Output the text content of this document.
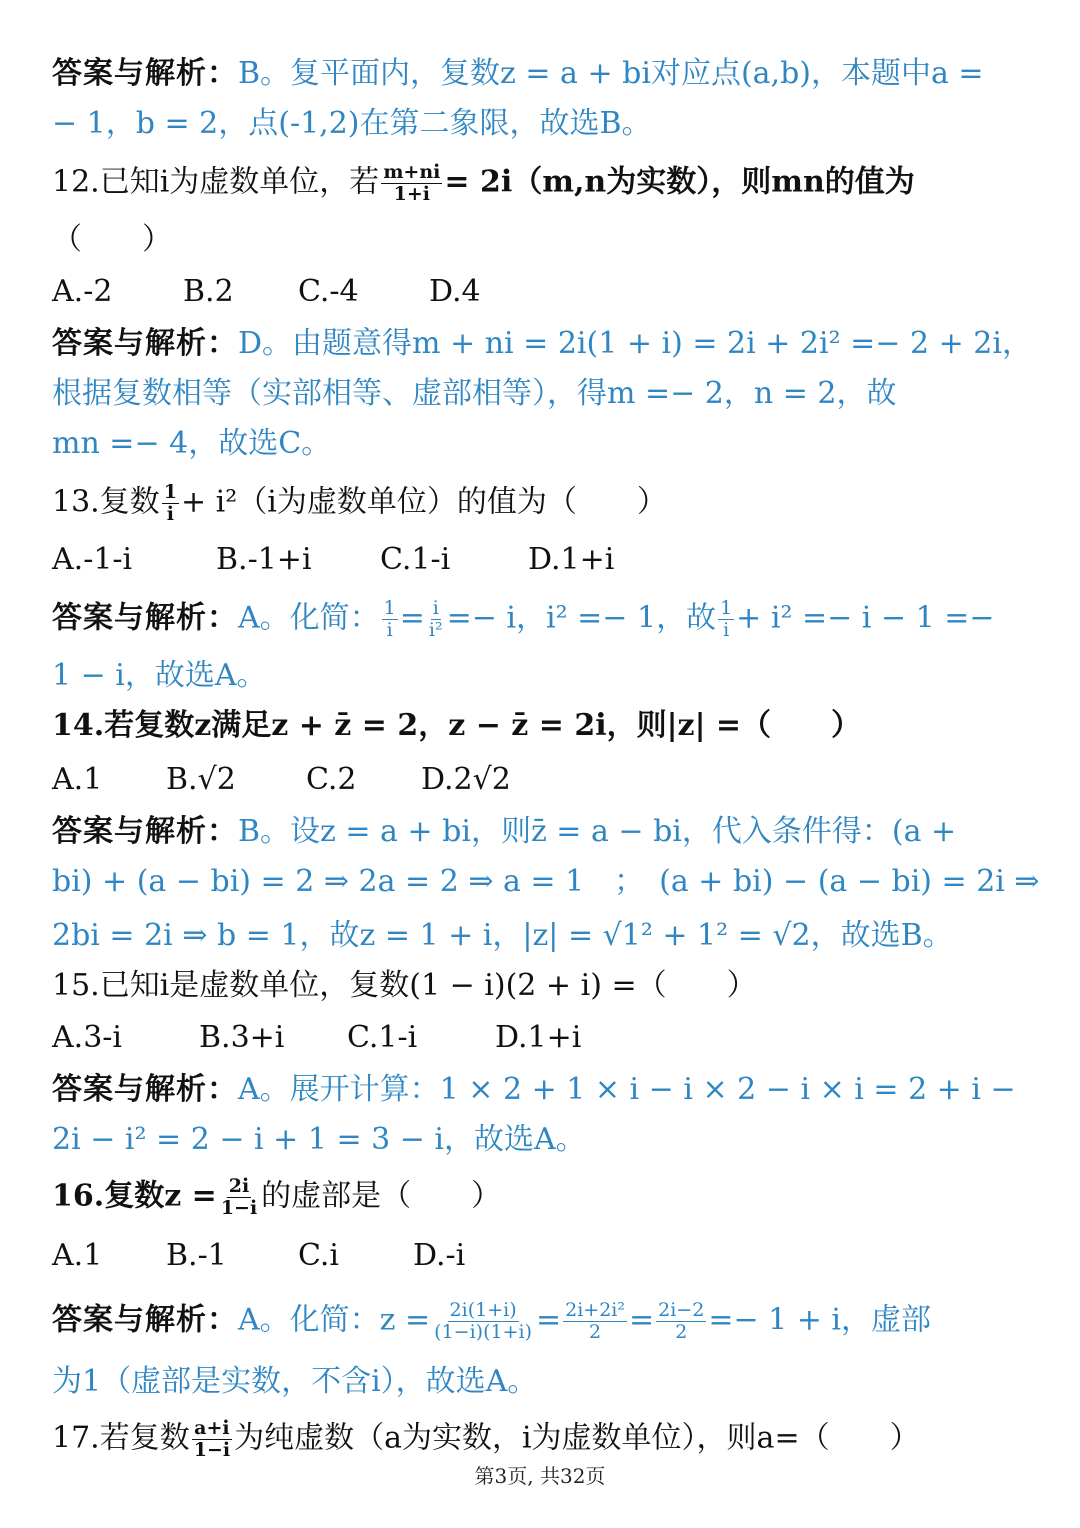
答案与解析：B。复平面内，复数z = a + bi对应点(a,b)，本题中a =
− 1，b = 2，点(-1,2)在第二象限，故选B。
12.已知i为虚数单位，若 $\frac{m+ni}{1+i} = 2i(m,n$为实数），则mn的值为
（　　）
A.-2 B.2 C.-4 D.4
答案与解析：D。由题意得m + ni = 2i(1 + i) = 2i + 2i² =− 2 + 2i，
根据复数相等（实部相等、虚部相等），得m =− 2，n = 2，故
mn =− 4，故选C。
13.复数 $\frac{1}{i} + i^2(i$为虚数单位）的值为（　　）
A.-1-i	B.-1+i C.1-i	D.1+i
答案与解析：A。化简： $\frac{1}{i} = \frac{i}{\text{i²}} =- i$，i² =− 1，故 $\frac{1}{i} + i^2 =- i - 1$ =−
1 − i，故选A。
14.若复数z满足z + z̄ = 2，z − z̄ = 2i，则|z| =（　　）
A.1 B.√2 C.2 D.2√2
答案与解析：B。设z = a + bi，则z̄ = a − bi，代入条件得：(a +
bi) + (a − bi) = 2 ⇒ 2a = 2 ⇒ a = 1　；　(a + bi) − (a − bi) = 2i ⇒
2bi = 2i ⇒ b = 1，故z = 1 + i，|z| = √1² + 1² = √2，故选B。
15.已知i是虚数单位，复数(1 − i)(2 + i) =（　　）
A.3-i	B.3+i C.1-i	D.1+i
答案与解析：A。展开计算：1 × 2 + 1 × i − i × 2 − i × i = 2 + i −
2i − i² = 2 − i + 1 = 3 − i，故选A。
16.复数$z = \frac{2i}{1-i}$ 的虚部是（　　）
A.1 B.-1 C.i D.-i
答案与解析：A。化简：$z = \frac{2i(1+i)}{(1-i)(1+i)} = \frac{\text{2i+2i²}}{2} = \frac{2i-2}{2} =- 1 + i$，虚部
为1（虚部是实数，不含i），故选A。
17.若复数 $\frac{a+i}{1-i}$ 为纯虚数（a为实数，i为虚数单位），则a=（　　）
第3页, 共32页
